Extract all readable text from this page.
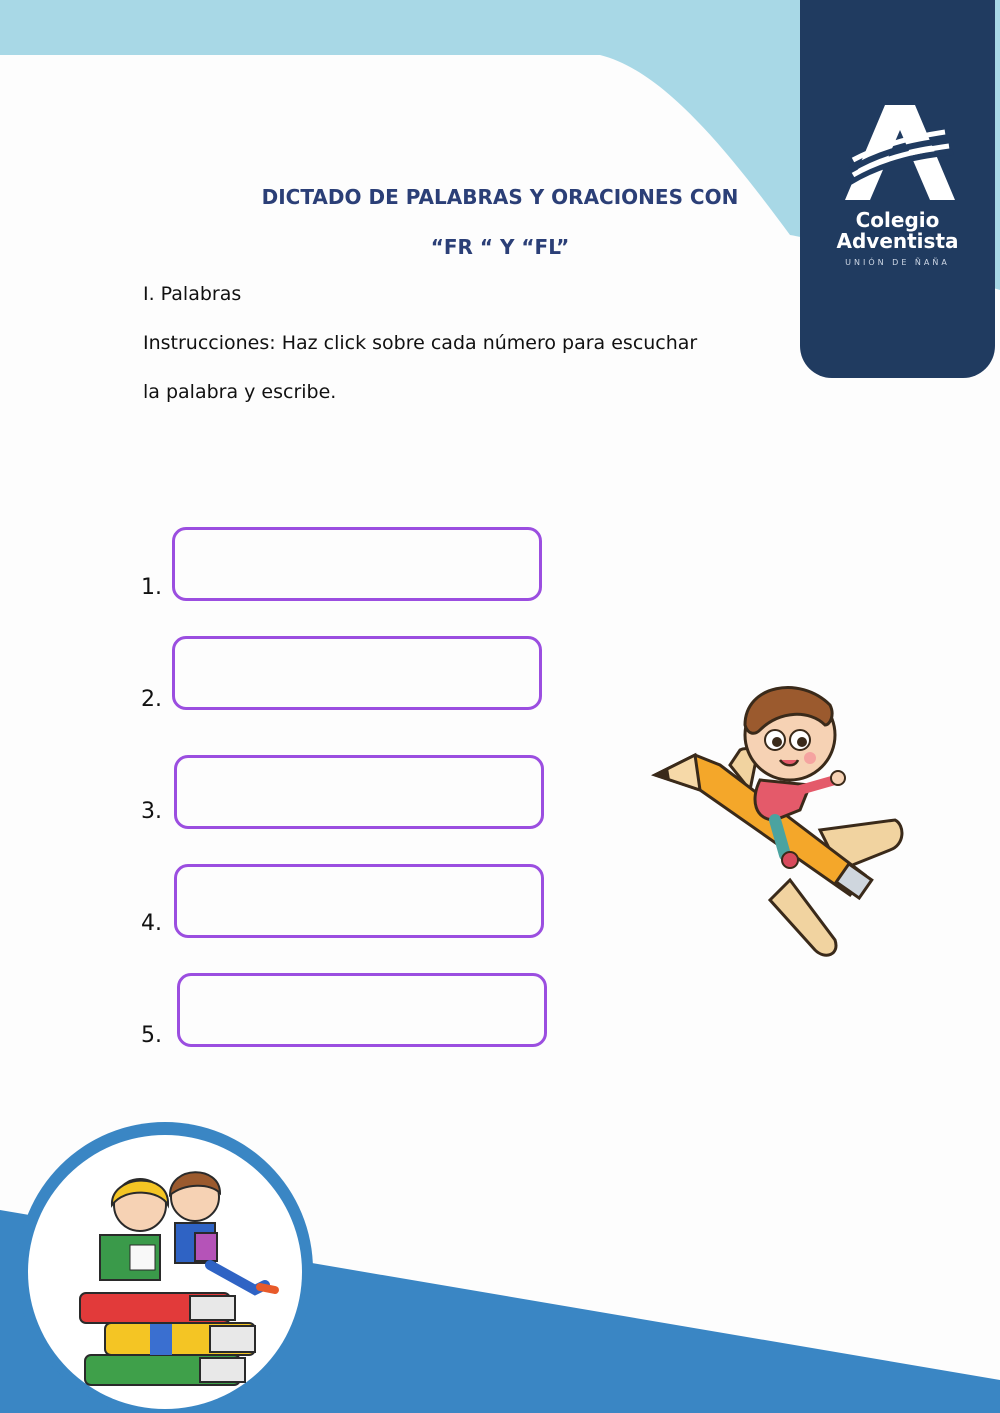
Colegio
Adventista
UNIÓN DE ÑAÑA
DICTADO DE PALABRAS Y ORACIONES CON
“FR “ Y “FL”
I. Palabras
Instrucciones: Haz click sobre cada número para escuchar
la palabra y escribe.
1.
2.
3.
4.
5.
